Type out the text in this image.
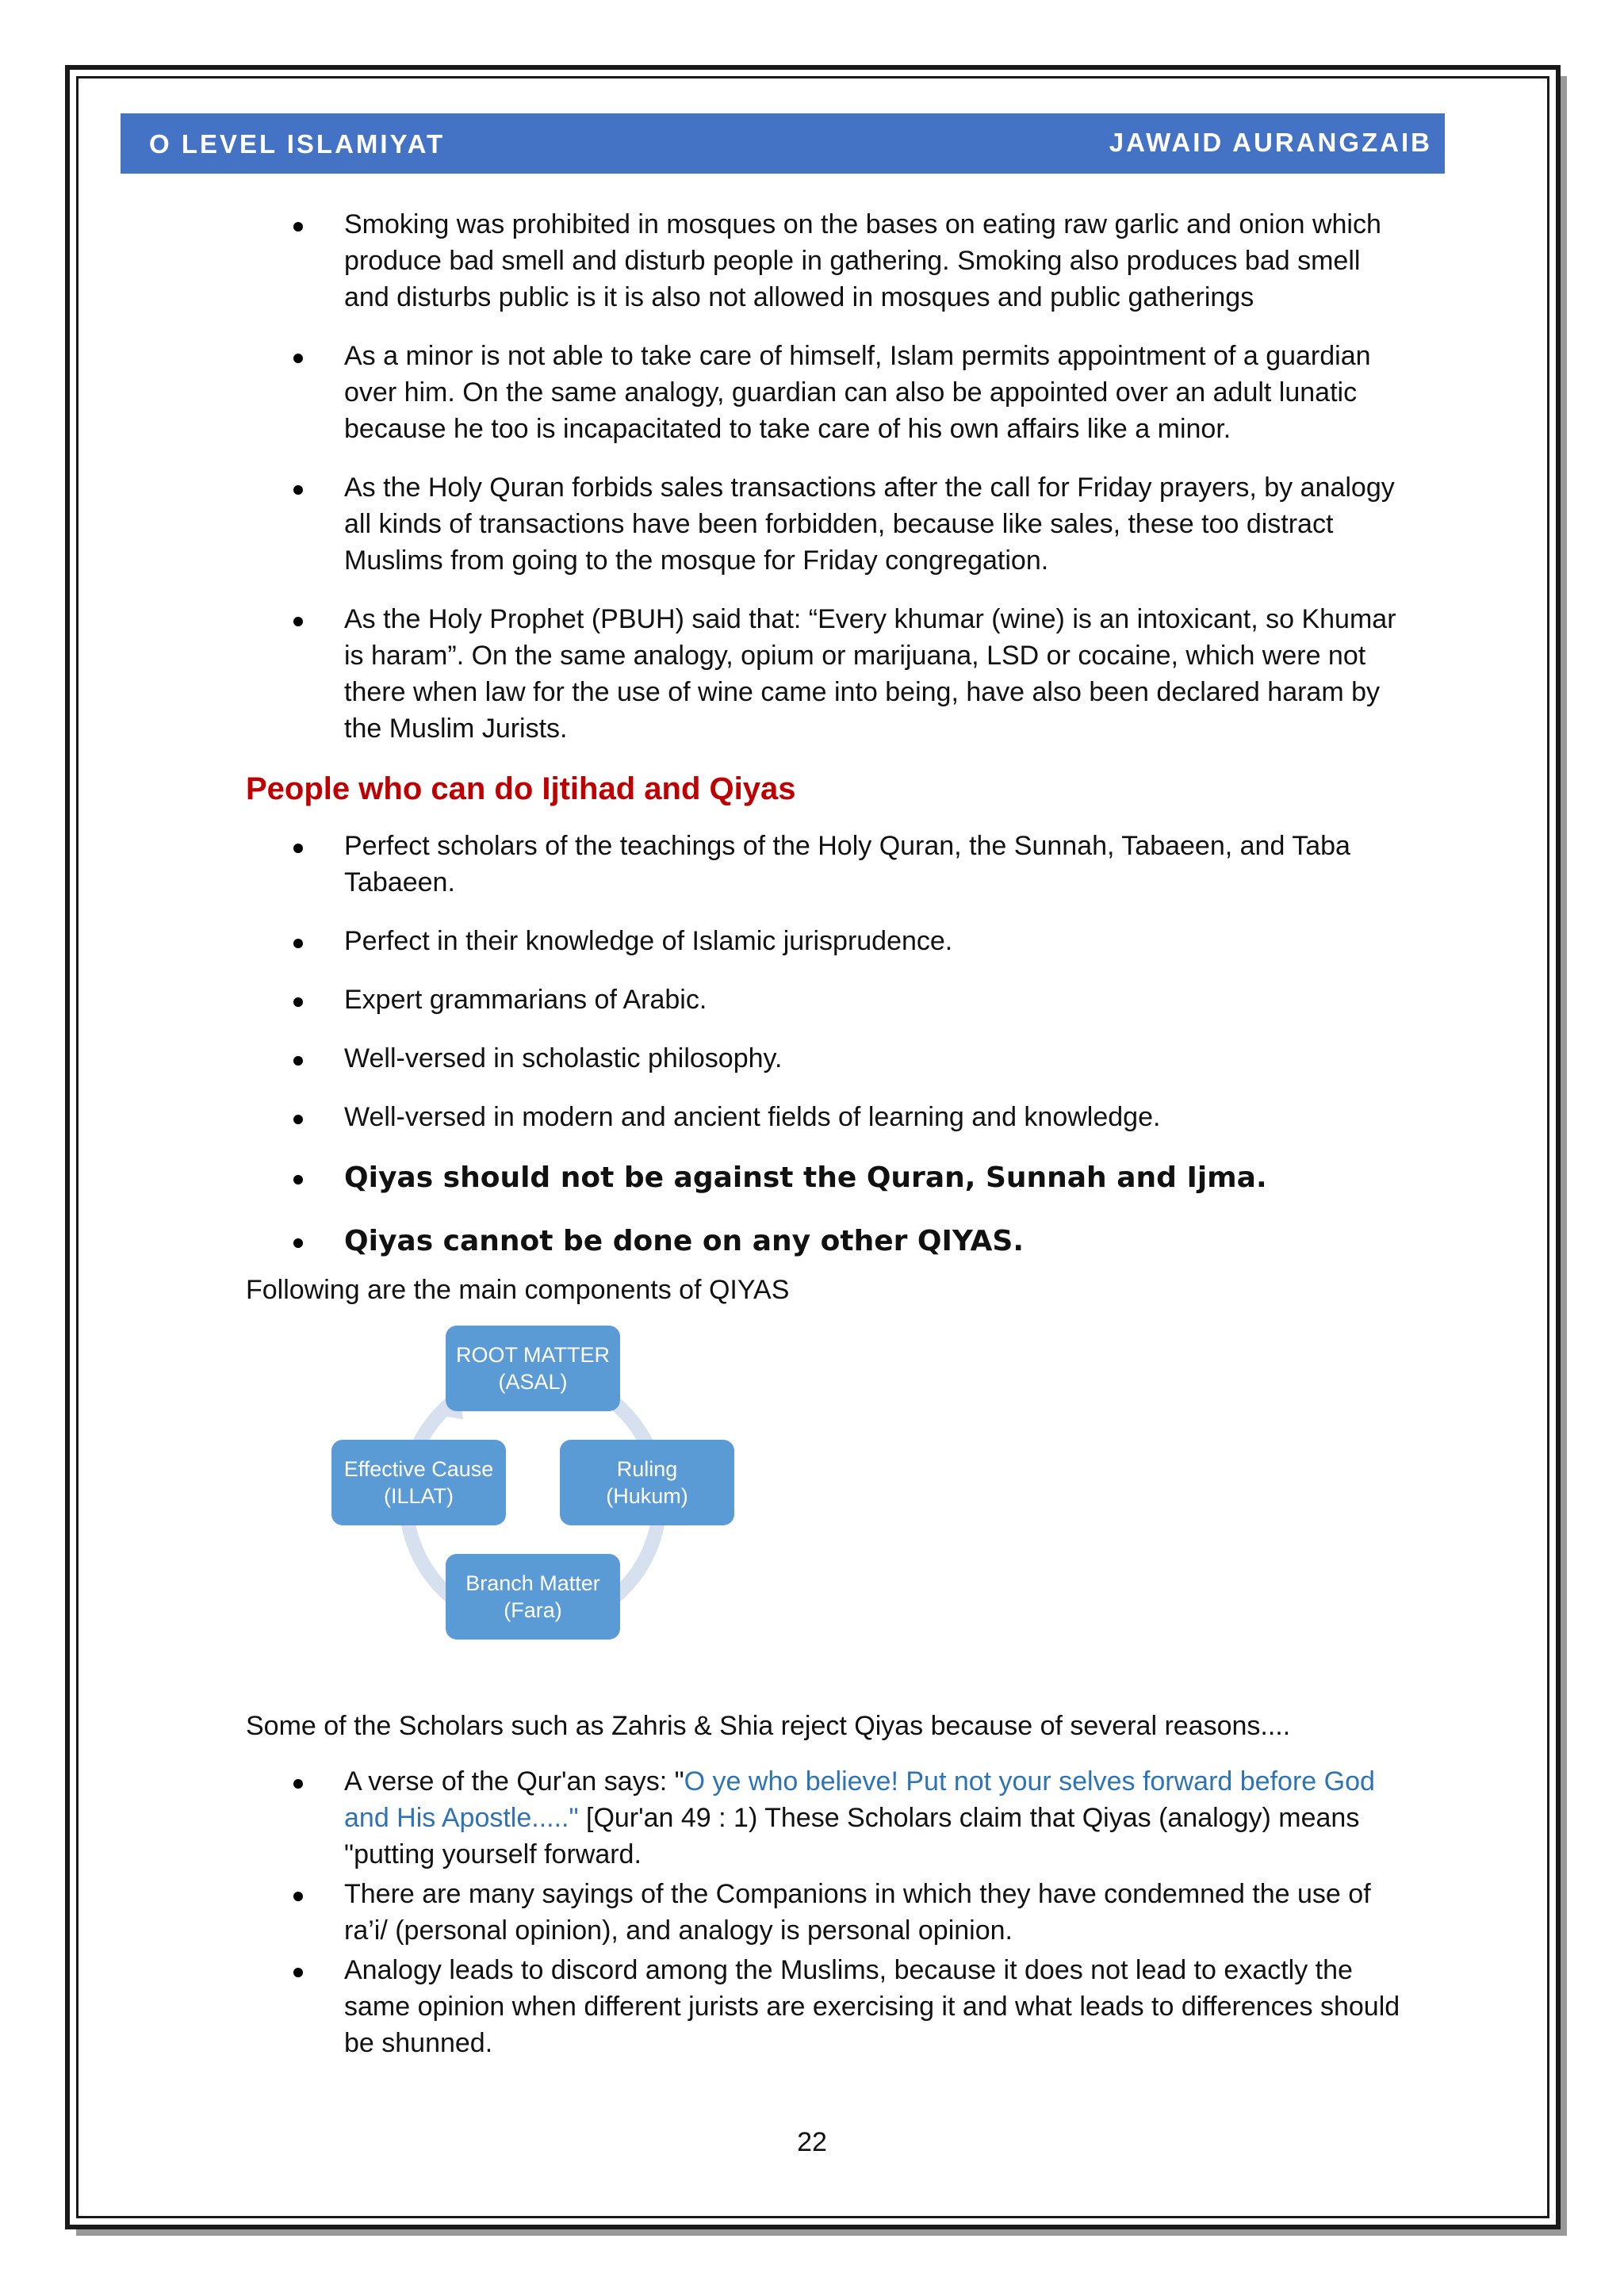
O LEVEL ISLAMIYAT	JAWAID AURANGZAIB
Smoking was prohibited in mosques on the bases on eating raw garlic and onion which produce bad smell and disturb people in gathering. Smoking also produces bad smell and disturbs public is it is also not allowed in mosques and public gatherings
As a minor is not able to take care of himself, Islam permits appointment of a guardian over him. On the same analogy, guardian can also be appointed over an adult lunatic because he too is incapacitated to take care of his own affairs like a minor.
As the Holy Quran forbids sales transactions after the call for Friday prayers, by analogy all kinds of transactions have been forbidden, because like sales, these too distract Muslims from going to the mosque for Friday congregation.
As the Holy Prophet (PBUH) said that: “Every khumar (wine) is an intoxicant, so Khumar is haram”. On the same analogy, opium or marijuana, LSD or cocaine, which were not there when law for the use of wine came into being, have also been declared haram by the Muslim Jurists.
People who can do Ijtihad and Qiyas
Perfect scholars of the teachings of the Holy Quran, the Sunnah, Tabaeen, and Taba Tabaeen.
Perfect in their knowledge of Islamic jurisprudence.
Expert grammarians of Arabic.
Well-versed in scholastic philosophy.
Well-versed in modern and ancient fields of learning and knowledge.
Qiyas should not be against the Quran, Sunnah and Ijma.
Qiyas cannot be done on any other QIYAS.
Following are the main components of QIYAS
ROOT MATTER
(ASAL)
Ruling
(Hukum)
Branch Matter
(Fara)
Effective Cause
(ILLAT)
Some of the Scholars such as Zahris & Shia reject Qiyas because of several reasons....
A verse of the Qur'an says: "O ye who believe! Put not your selves forward before God and His Apostle....." [Qur'an 49 : 1) These Scholars claim that Qiyas (analogy) means "putting yourself forward.
There are many sayings of the Companions in which they have condemned the use of ra’i/ (personal opinion), and analogy is personal opinion.
Analogy leads to discord among the Muslims, because it does not lead to exactly the same opinion when different jurists are exercising it and what leads to differences should be shunned.
22
